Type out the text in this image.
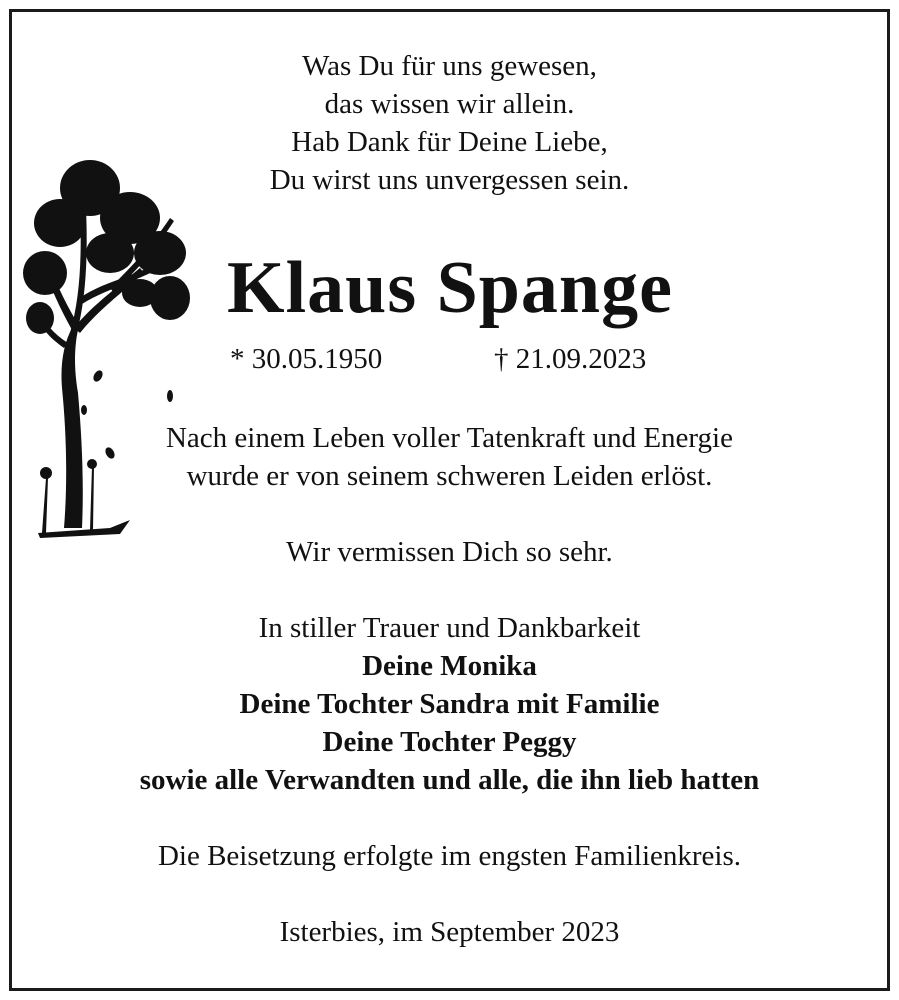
Was Du für uns gewesen,
das wissen wir allein.
Hab Dank für Deine Liebe,
Du wirst uns unvergessen sein.
Klaus Spange
* 30.05.1950	† 21.09.2023
Nach einem Leben voller Tatenkraft und Energie
wurde er von seinem schweren Leiden erlöst.
Wir vermissen Dich so sehr.
In stiller Trauer und Dankbarkeit
Deine Monika
Deine Tochter Sandra mit Familie
Deine Tochter Peggy
sowie alle Verwandten und alle, die ihn lieb hatten
Die Beisetzung erfolgte im engsten Familienkreis.
Isterbies, im September 2023
